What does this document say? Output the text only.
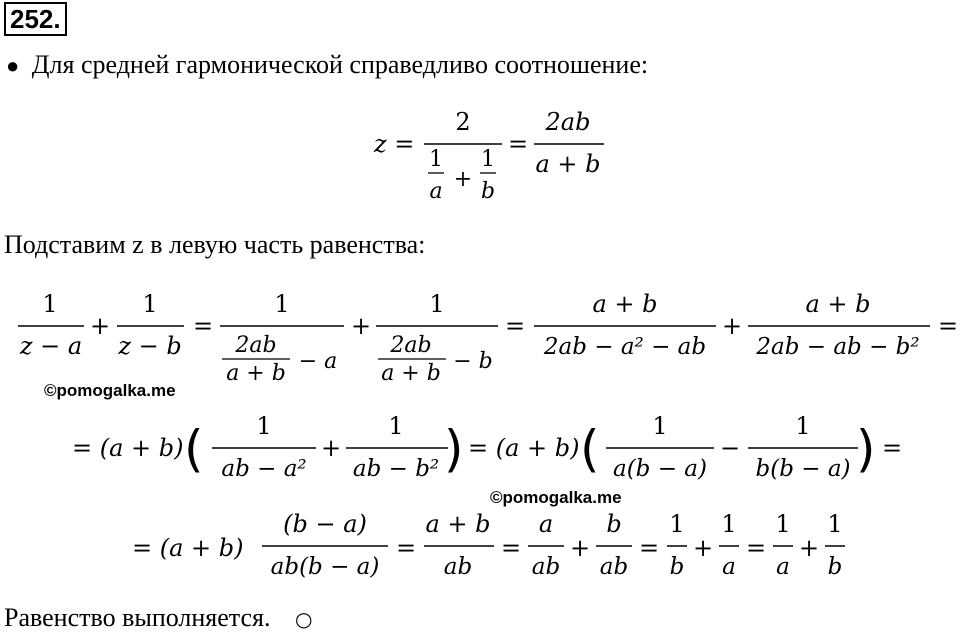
252.
● Для средней гармонической справедливо соотношение:
z =
2
1
a +
1
b
=
2ab
a + b
Подставим z в левую часть равенства:
1
z − a
+
1
z − b
=
1
2ab
a + b − a
+
1
2ab
a + b − b
=
a + b
2ab − a² − ab
+
a + b
2ab − ab − b²
=
©pomogalka.me
= (a + b) ( 1
ab − a²
+
1
ab − b² ) = (a + b) ( 1
a(b − a)
−
1
b(b − a) ) =
©pomogalka.me
= (a + b)
(b − a)
ab(b − a)
=
a + b
ab
=
a
ab
+
b
ab
=
1
b
+
1
a
=
1
a
+
1
b
Равенство выполняется. ○
